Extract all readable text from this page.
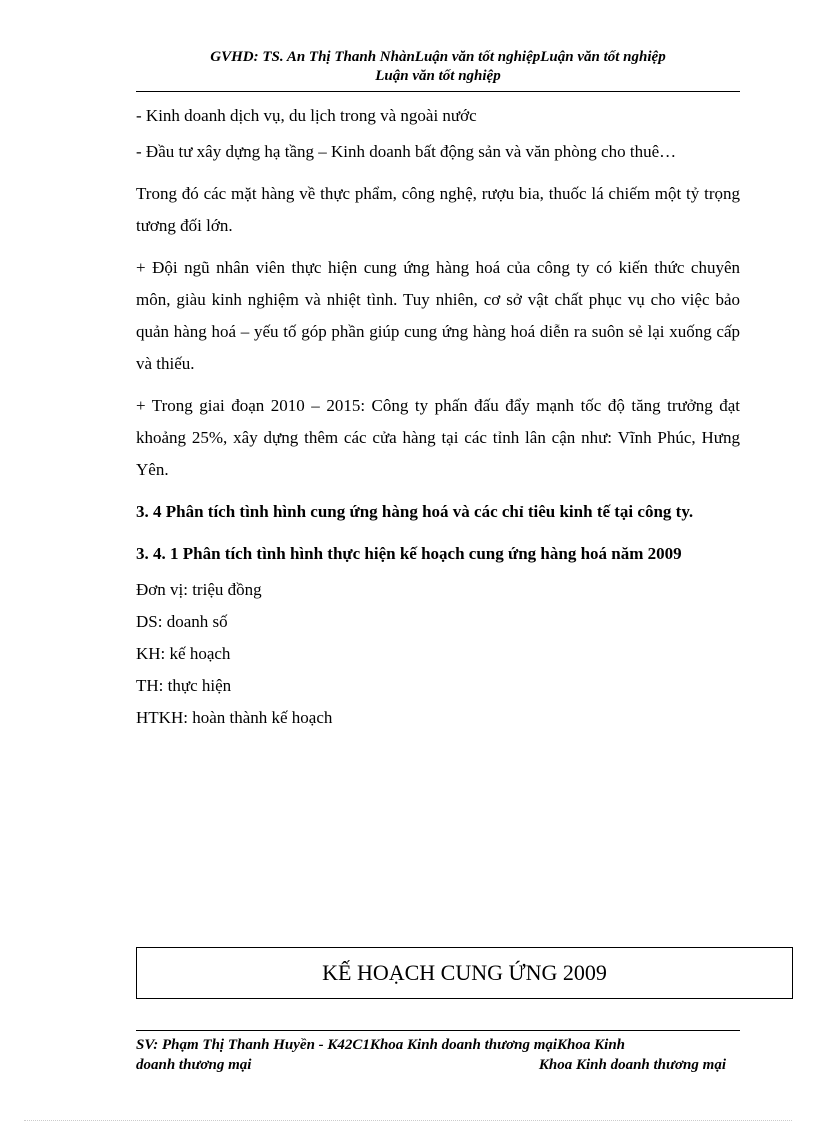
GVHD: TS. An Thị Thanh NhànLuận văn tốt nghiệpLuận văn tốt nghiệp
Luận văn tốt nghiệp

- Kinh doanh dịch vụ, du lịch trong và ngoài nước

- Đầu tư xây dựng hạ tầng – Kinh doanh bất động sản và văn phòng cho thuê…

Trong đó các mặt hàng về thực phẩm, công nghệ, rượu bia, thuốc lá chiếm một tỷ trọng tương đối lớn.

+ Đội ngũ nhân viên thực hiện cung ứng hàng hoá của công ty có kiến thức chuyên môn, giàu kinh nghiệm và nhiệt tình. Tuy nhiên, cơ sở vật chất phục vụ cho việc bảo quản hàng hoá – yếu tố góp phần giúp cung ứng hàng hoá diễn ra suôn sẻ lại xuống cấp và thiếu.

+ Trong giai đoạn 2010 – 2015: Công ty phấn đấu đẩy mạnh tốc độ tăng trưởng đạt khoảng 25%, xây dựng thêm các cửa hàng tại các tỉnh lân cận như: Vĩnh Phúc, Hưng Yên.

3. 4 Phân tích tình hình cung ứng hàng hoá và các chỉ tiêu kinh tế tại công ty.

3. 4. 1 Phân tích tình hình thực hiện kế hoạch cung ứng hàng hoá năm 2009

Đơn vị: triệu đồng
DS: doanh số
KH: kế hoạch
TH: thực hiện
HTKH: hoàn thành kế hoạch
KẾ HOẠCH CUNG ỨNG 2009
SV: Phạm Thị Thanh Huyền - K42C1Khoa Kinh doanh thương mạiKhoa Kinh
doanh thương mại	Khoa Kinh doanh thương mại
